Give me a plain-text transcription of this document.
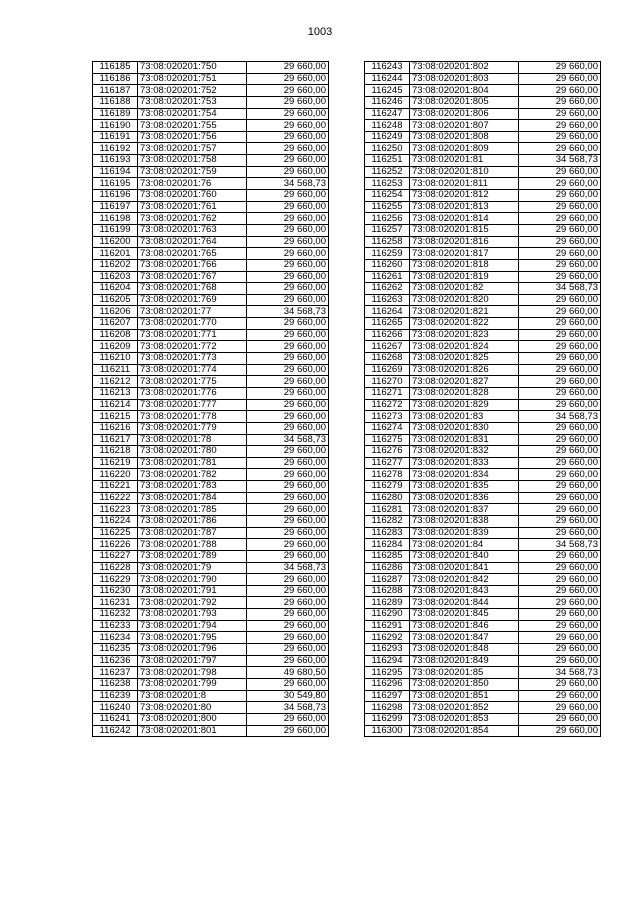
1003
116185	73:08:020201:750	29 660,00
116186	73:08:020201:751	29 660,00
116187	73:08:020201:752	29 660,00
116188	73:08:020201:753	29 660,00
116189	73:08:020201:754	29 660,00
116190	73:08:020201:755	29 660,00
116191	73:08:020201:756	29 660,00
116192	73:08:020201:757	29 660,00
116193	73:08:020201:758	29 660,00
116194	73:08:020201:759	29 660,00
116195	73:08:020201:76	34 568,73
116196	73:08:020201:760	29 660,00
116197	73:08:020201:761	29 660,00
116198	73:08:020201:762	29 660,00
116199	73:08:020201:763	29 660,00
116200	73:08:020201:764	29 660,00
116201	73:08:020201:765	29 660,00
116202	73:08:020201:766	29 660,00
116203	73:08:020201:767	29 660,00
116204	73:08:020201:768	29 660,00
116205	73:08:020201:769	29 660,00
116206	73:08:020201:77	34 568,73
116207	73:08:020201:770	29 660,00
116208	73:08:020201:771	29 660,00
116209	73:08:020201:772	29 660,00
116210	73:08:020201:773	29 660,00
116211	73:08:020201:774	29 660,00
116212	73:08:020201:775	29 660,00
116213	73:08:020201:776	29 660,00
116214	73:08:020201:777	29 660,00
116215	73:08:020201:778	29 660,00
116216	73:08:020201:779	29 660,00
116217	73:08:020201:78	34 568,73
116218	73:08:020201:780	29 660,00
116219	73:08:020201:781	29 660,00
116220	73:08:020201:782	29 660,00
116221	73:08:020201:783	29 660,00
116222	73:08:020201:784	29 660,00
116223	73:08:020201:785	29 660,00
116224	73:08:020201:786	29 660,00
116225	73:08:020201:787	29 660,00
116226	73:08:020201:788	29 660,00
116227	73:08:020201:789	29 660,00
116228	73:08:020201:79	34 568,73
116229	73:08:020201:790	29 660,00
116230	73:08:020201:791	29 660,00
116231	73:08:020201:792	29 660,00
116232	73:08:020201:793	29 660,00
116233	73:08:020201:794	29 660,00
116234	73:08:020201:795	29 660,00
116235	73:08:020201:796	29 660,00
116236	73:08:020201:797	29 660,00
116237	73:08:020201:798	49 680,50
116238	73:08:020201:799	29 660,00
116239	73:08:020201:8	30 549,80
116240	73:08:020201:80	34 568,73
116241	73:08:020201:800	29 660,00
116242	73:08:020201:801	29 660,00
116243	73:08:020201:802	29 660,00
116244	73:08:020201:803	29 660,00
116245	73:08:020201:804	29 660,00
116246	73:08:020201:805	29 660,00
116247	73:08:020201:806	29 660,00
116248	73:08:020201:807	29 660,00
116249	73:08:020201:808	29 660,00
116250	73:08:020201:809	29 660,00
116251	73:08:020201:81	34 568,73
116252	73:08:020201:810	29 660,00
116253	73:08:020201:811	29 660,00
116254	73:08:020201:812	29 660,00
116255	73:08:020201:813	29 660,00
116256	73:08:020201:814	29 660,00
116257	73:08:020201:815	29 660,00
116258	73:08:020201:816	29 660,00
116259	73:08:020201:817	29 660,00
116260	73:08:020201:818	29 660,00
116261	73:08:020201:819	29 660,00
116262	73:08:020201:82	34 568,73
116263	73:08:020201:820	29 660,00
116264	73:08:020201:821	29 660,00
116265	73:08:020201:822	29 660,00
116266	73:08:020201:823	29 660,00
116267	73:08:020201:824	29 660,00
116268	73:08:020201:825	29 660,00
116269	73:08:020201:826	29 660,00
116270	73:08:020201:827	29 660,00
116271	73:08:020201:828	29 660,00
116272	73:08:020201:829	29 660,00
116273	73:08:020201:83	34 568,73
116274	73:08:020201:830	29 660,00
116275	73:08:020201:831	29 660,00
116276	73:08:020201:832	29 660,00
116277	73:08:020201:833	29 660,00
116278	73:08:020201:834	29 660,00
116279	73:08:020201:835	29 660,00
116280	73:08:020201:836	29 660,00
116281	73:08:020201:837	29 660,00
116282	73:08:020201:838	29 660,00
116283	73:08:020201:839	29 660,00
116284	73:08:020201:84	34 568,73
116285	73:08:020201:840	29 660,00
116286	73:08:020201:841	29 660,00
116287	73:08:020201:842	29 660,00
116288	73:08:020201:843	29 660,00
116289	73:08:020201:844	29 660,00
116290	73:08:020201:845	29 660,00
116291	73:08:020201:846	29 660,00
116292	73:08:020201:847	29 660,00
116293	73:08:020201:848	29 660,00
116294	73:08:020201:849	29 660,00
116295	73:08:020201:85	34 568,73
116296	73:08:020201:850	29 660,00
116297	73:08:020201:851	29 660,00
116298	73:08:020201:852	29 660,00
116299	73:08:020201:853	29 660,00
116300	73:08:020201:854	29 660,00
